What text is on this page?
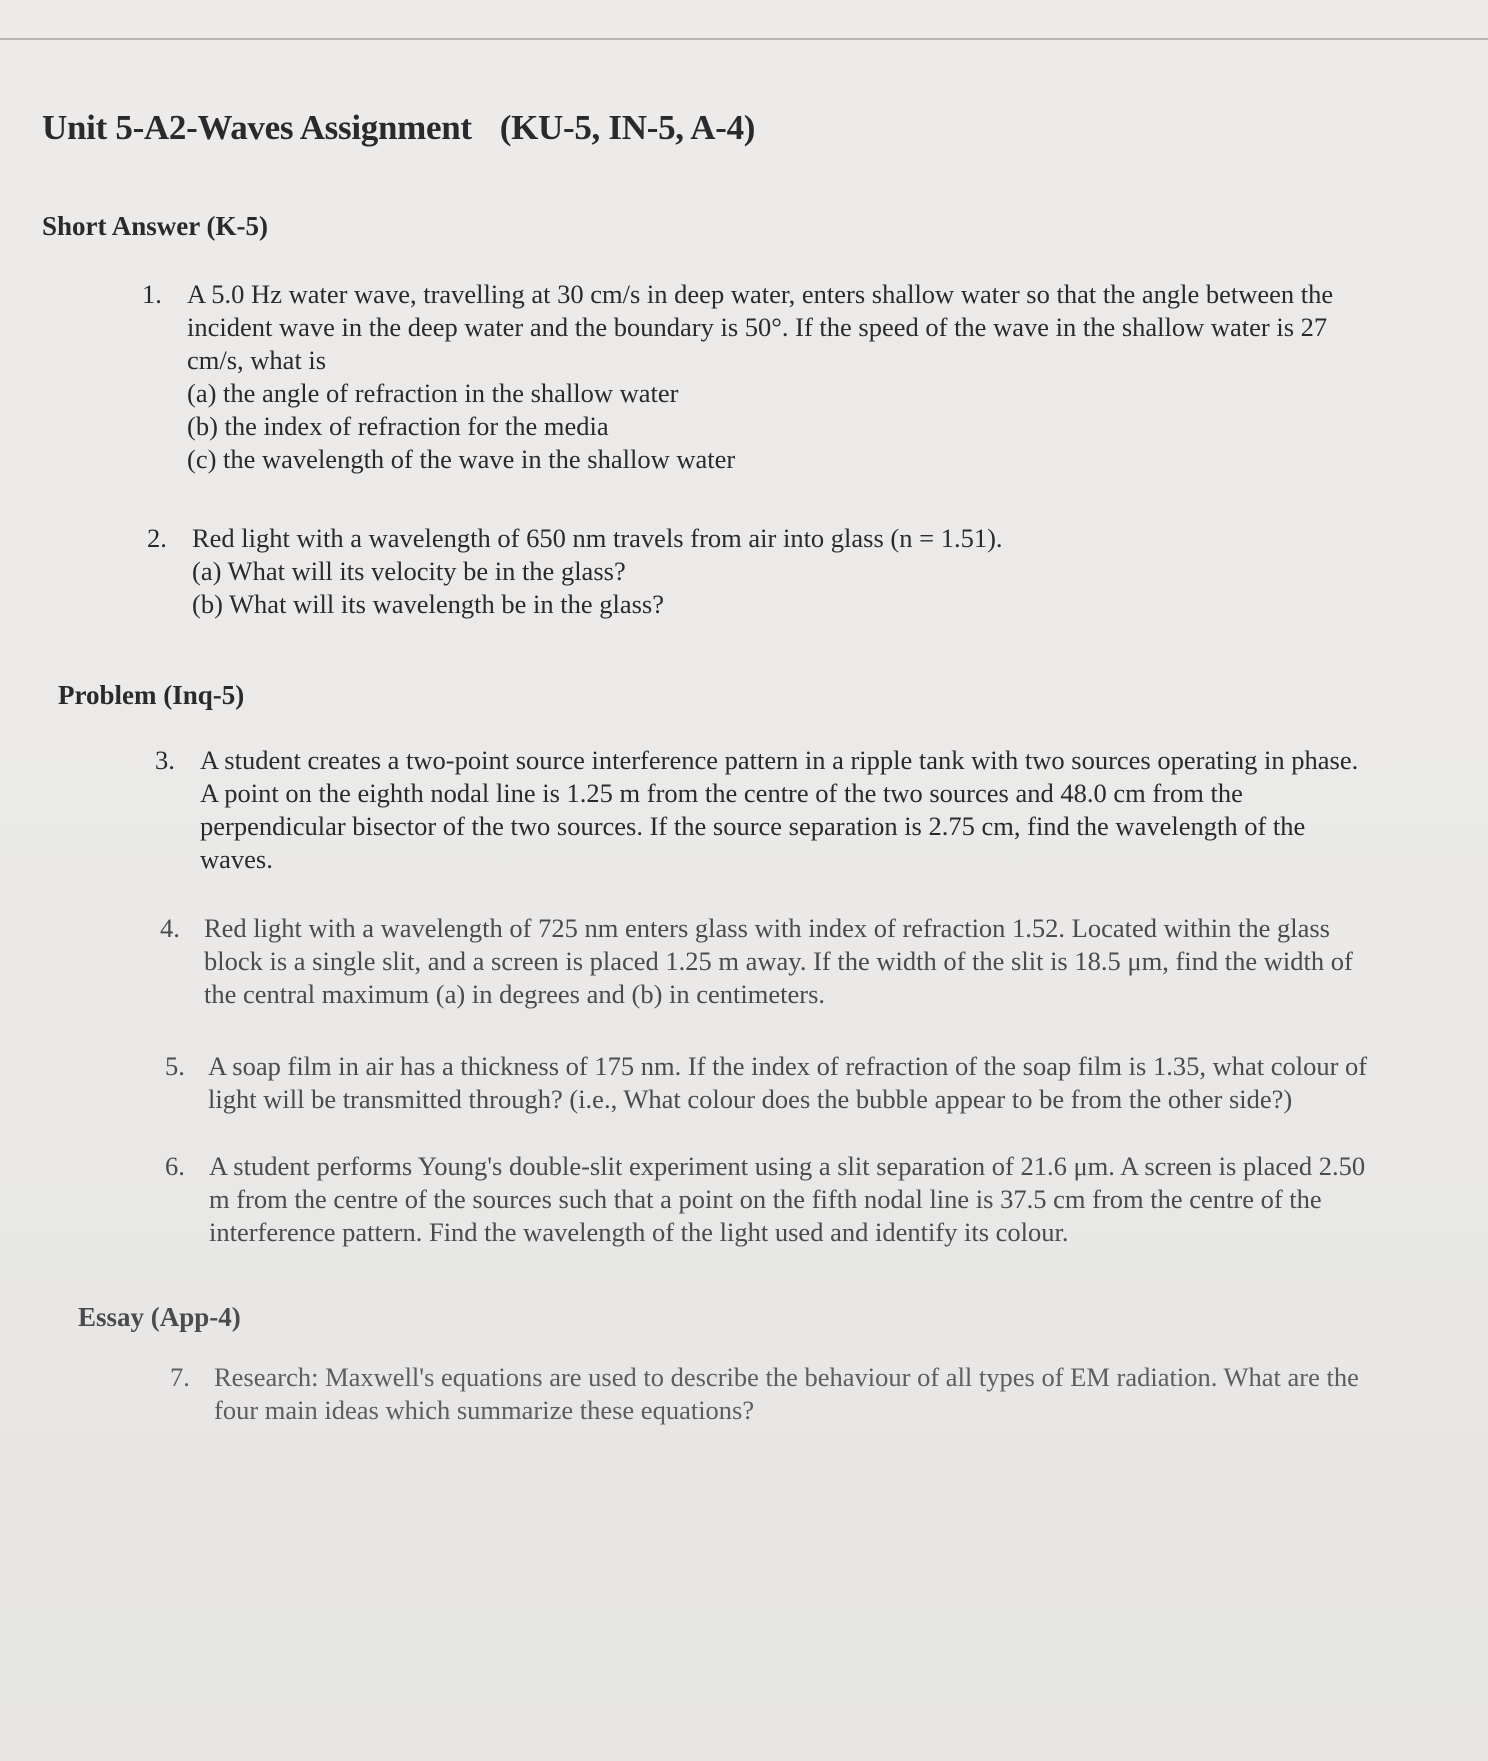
Unit 5-A2-Waves Assignment (KU-5, IN-5, A-4)
Short Answer (K-5)
1. A 5.0 Hz water wave, travelling at 30 cm/s in deep water, enters shallow water so that the angle between the
incident wave in the deep water and the boundary is 50°. If the speed of the wave in the shallow water is 27
cm/s, what is
(a) the angle of refraction in the shallow water
(b) the index of refraction for the media
(c) the wavelength of the wave in the shallow water
2. Red light with a wavelength of 650 nm travels from air into glass (n = 1.51).
(a) What will its velocity be in the glass?
(b) What will its wavelength be in the glass?
Problem (Inq-5)
3. A student creates a two-point source interference pattern in a ripple tank with two sources operating in phase.
A point on the eighth nodal line is 1.25 m from the centre of the two sources and 48.0 cm from the
perpendicular bisector of the two sources. If the source separation is 2.75 cm, find the wavelength of the
waves.
4. Red light with a wavelength of 725 nm enters glass with index of refraction 1.52. Located within the glass
block is a single slit, and a screen is placed 1.25 m away. If the width of the slit is 18.5 μm, find the width of
the central maximum (a) in degrees and (b) in centimeters.
5. A soap film in air has a thickness of 175 nm. If the index of refraction of the soap film is 1.35, what colour of
light will be transmitted through? (i.e., What colour does the bubble appear to be from the other side?)
6. A student performs Young's double-slit experiment using a slit separation of 21.6 μm. A screen is placed 2.50
m from the centre of the sources such that a point on the fifth nodal line is 37.5 cm from the centre of the
interference pattern. Find the wavelength of the light used and identify its colour.
Essay (App-4)
7. Research: Maxwell's equations are used to describe the behaviour of all types of EM radiation. What are the
four main ideas which summarize these equations?
